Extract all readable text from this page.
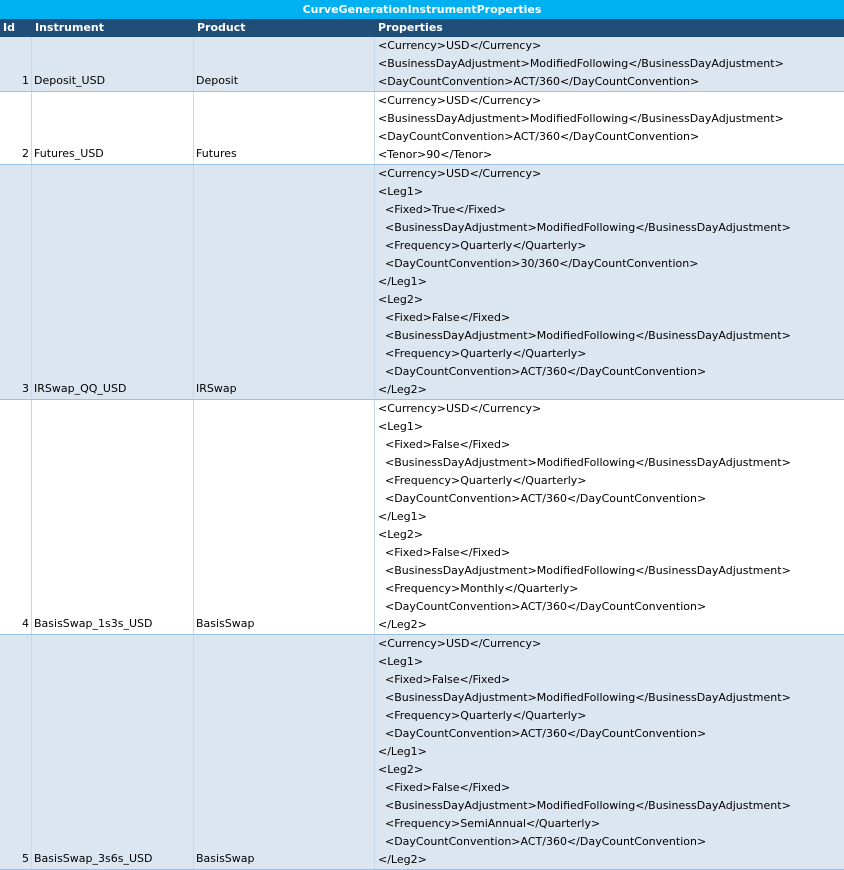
CurveGenerationInstrumentProperties
Id	Instrument	Product	Properties
1 Deposit_USD	Deposit
<Currency>USD</Currency>
<BusinessDayAdjustment>ModifiedFollowing</BusinessDayAdjustment>
<DayCountConvention>ACT/360</DayCountConvention>
2 Futures_USD	Futures
<Currency>USD</Currency>
<BusinessDayAdjustment>ModifiedFollowing</BusinessDayAdjustment>
<DayCountConvention>ACT/360</DayCountConvention>
<Tenor>90</Tenor>
3 IRSwap_QQ_USD	IRSwap
<Currency>USD</Currency>
<Leg1>
<Fixed>True</Fixed>
<BusinessDayAdjustment>ModifiedFollowing</BusinessDayAdjustment>
<Frequency>Quarterly</Quarterly>
<DayCountConvention>30/360</DayCountConvention>
</Leg1>
<Leg2>
<Fixed>False</Fixed>
<BusinessDayAdjustment>ModifiedFollowing</BusinessDayAdjustment>
<Frequency>Quarterly</Quarterly>
<DayCountConvention>ACT/360</DayCountConvention>
</Leg2>
4 BasisSwap_1s3s_USD	BasisSwap
<Currency>USD</Currency>
<Leg1>
<Fixed>False</Fixed>
<BusinessDayAdjustment>ModifiedFollowing</BusinessDayAdjustment>
<Frequency>Quarterly</Quarterly>
<DayCountConvention>ACT/360</DayCountConvention>
</Leg1>
<Leg2>
<Fixed>False</Fixed>
<BusinessDayAdjustment>ModifiedFollowing</BusinessDayAdjustment>
<Frequency>Monthly</Quarterly>
<DayCountConvention>ACT/360</DayCountConvention>
</Leg2>
5 BasisSwap_3s6s_USD	BasisSwap
<Currency>USD</Currency>
<Leg1>
<Fixed>False</Fixed>
<BusinessDayAdjustment>ModifiedFollowing</BusinessDayAdjustment>
<Frequency>Quarterly</Quarterly>
<DayCountConvention>ACT/360</DayCountConvention>
</Leg1>
<Leg2>
<Fixed>False</Fixed>
<BusinessDayAdjustment>ModifiedFollowing</BusinessDayAdjustment>
<Frequency>SemiAnnual</Quarterly>
<DayCountConvention>ACT/360</DayCountConvention>
</Leg2>
